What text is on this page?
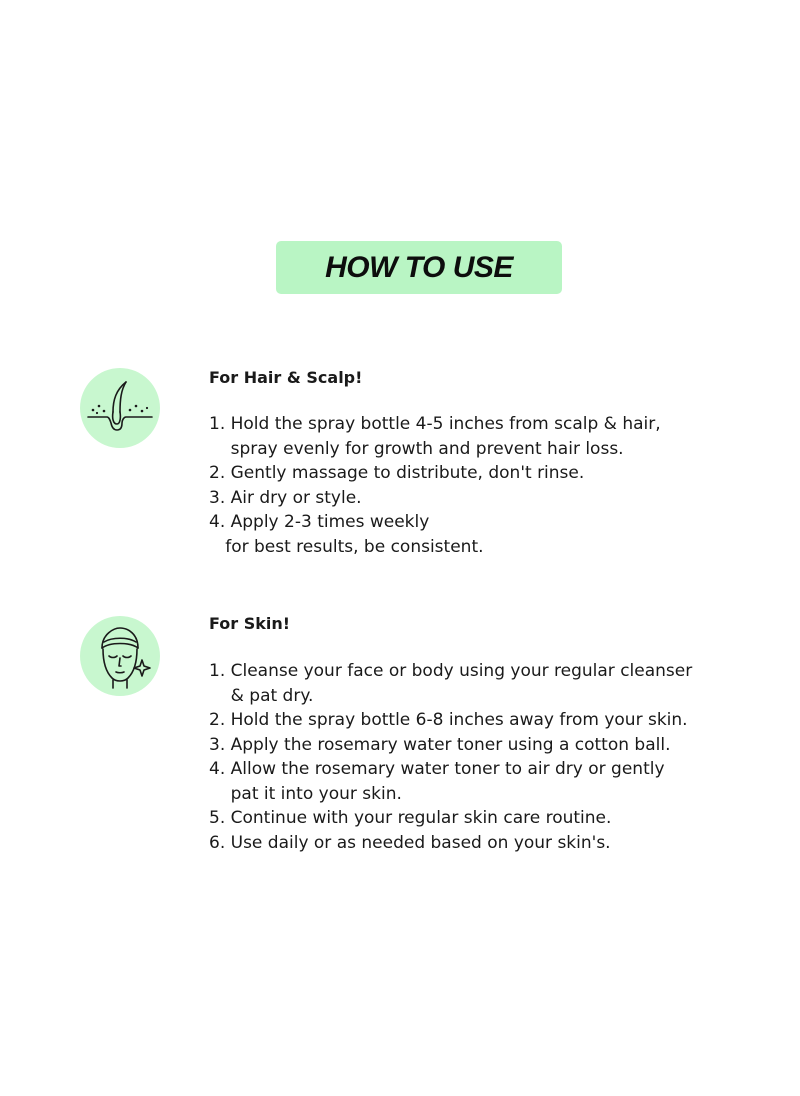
HOW TO USE
For Hair & Scalp!
1. Hold the spray bottle 4-5 inches from scalp & hair,
spray evenly for growth and prevent hair loss.
2. Gently massage to distribute, don't rinse.
3. Air dry or style.
4. Apply 2-3 times weekly
for best results, be consistent.
For Skin!
1. Cleanse your face or body using your regular cleanser
& pat dry.
2. Hold the spray bottle 6-8 inches away from your skin.
3. Apply the rosemary water toner using a cotton ball.
4. Allow the rosemary water toner to air dry or gently
pat it into your skin.
5. Continue with your regular skin care routine.
6. Use daily or as needed based on your skin's.
